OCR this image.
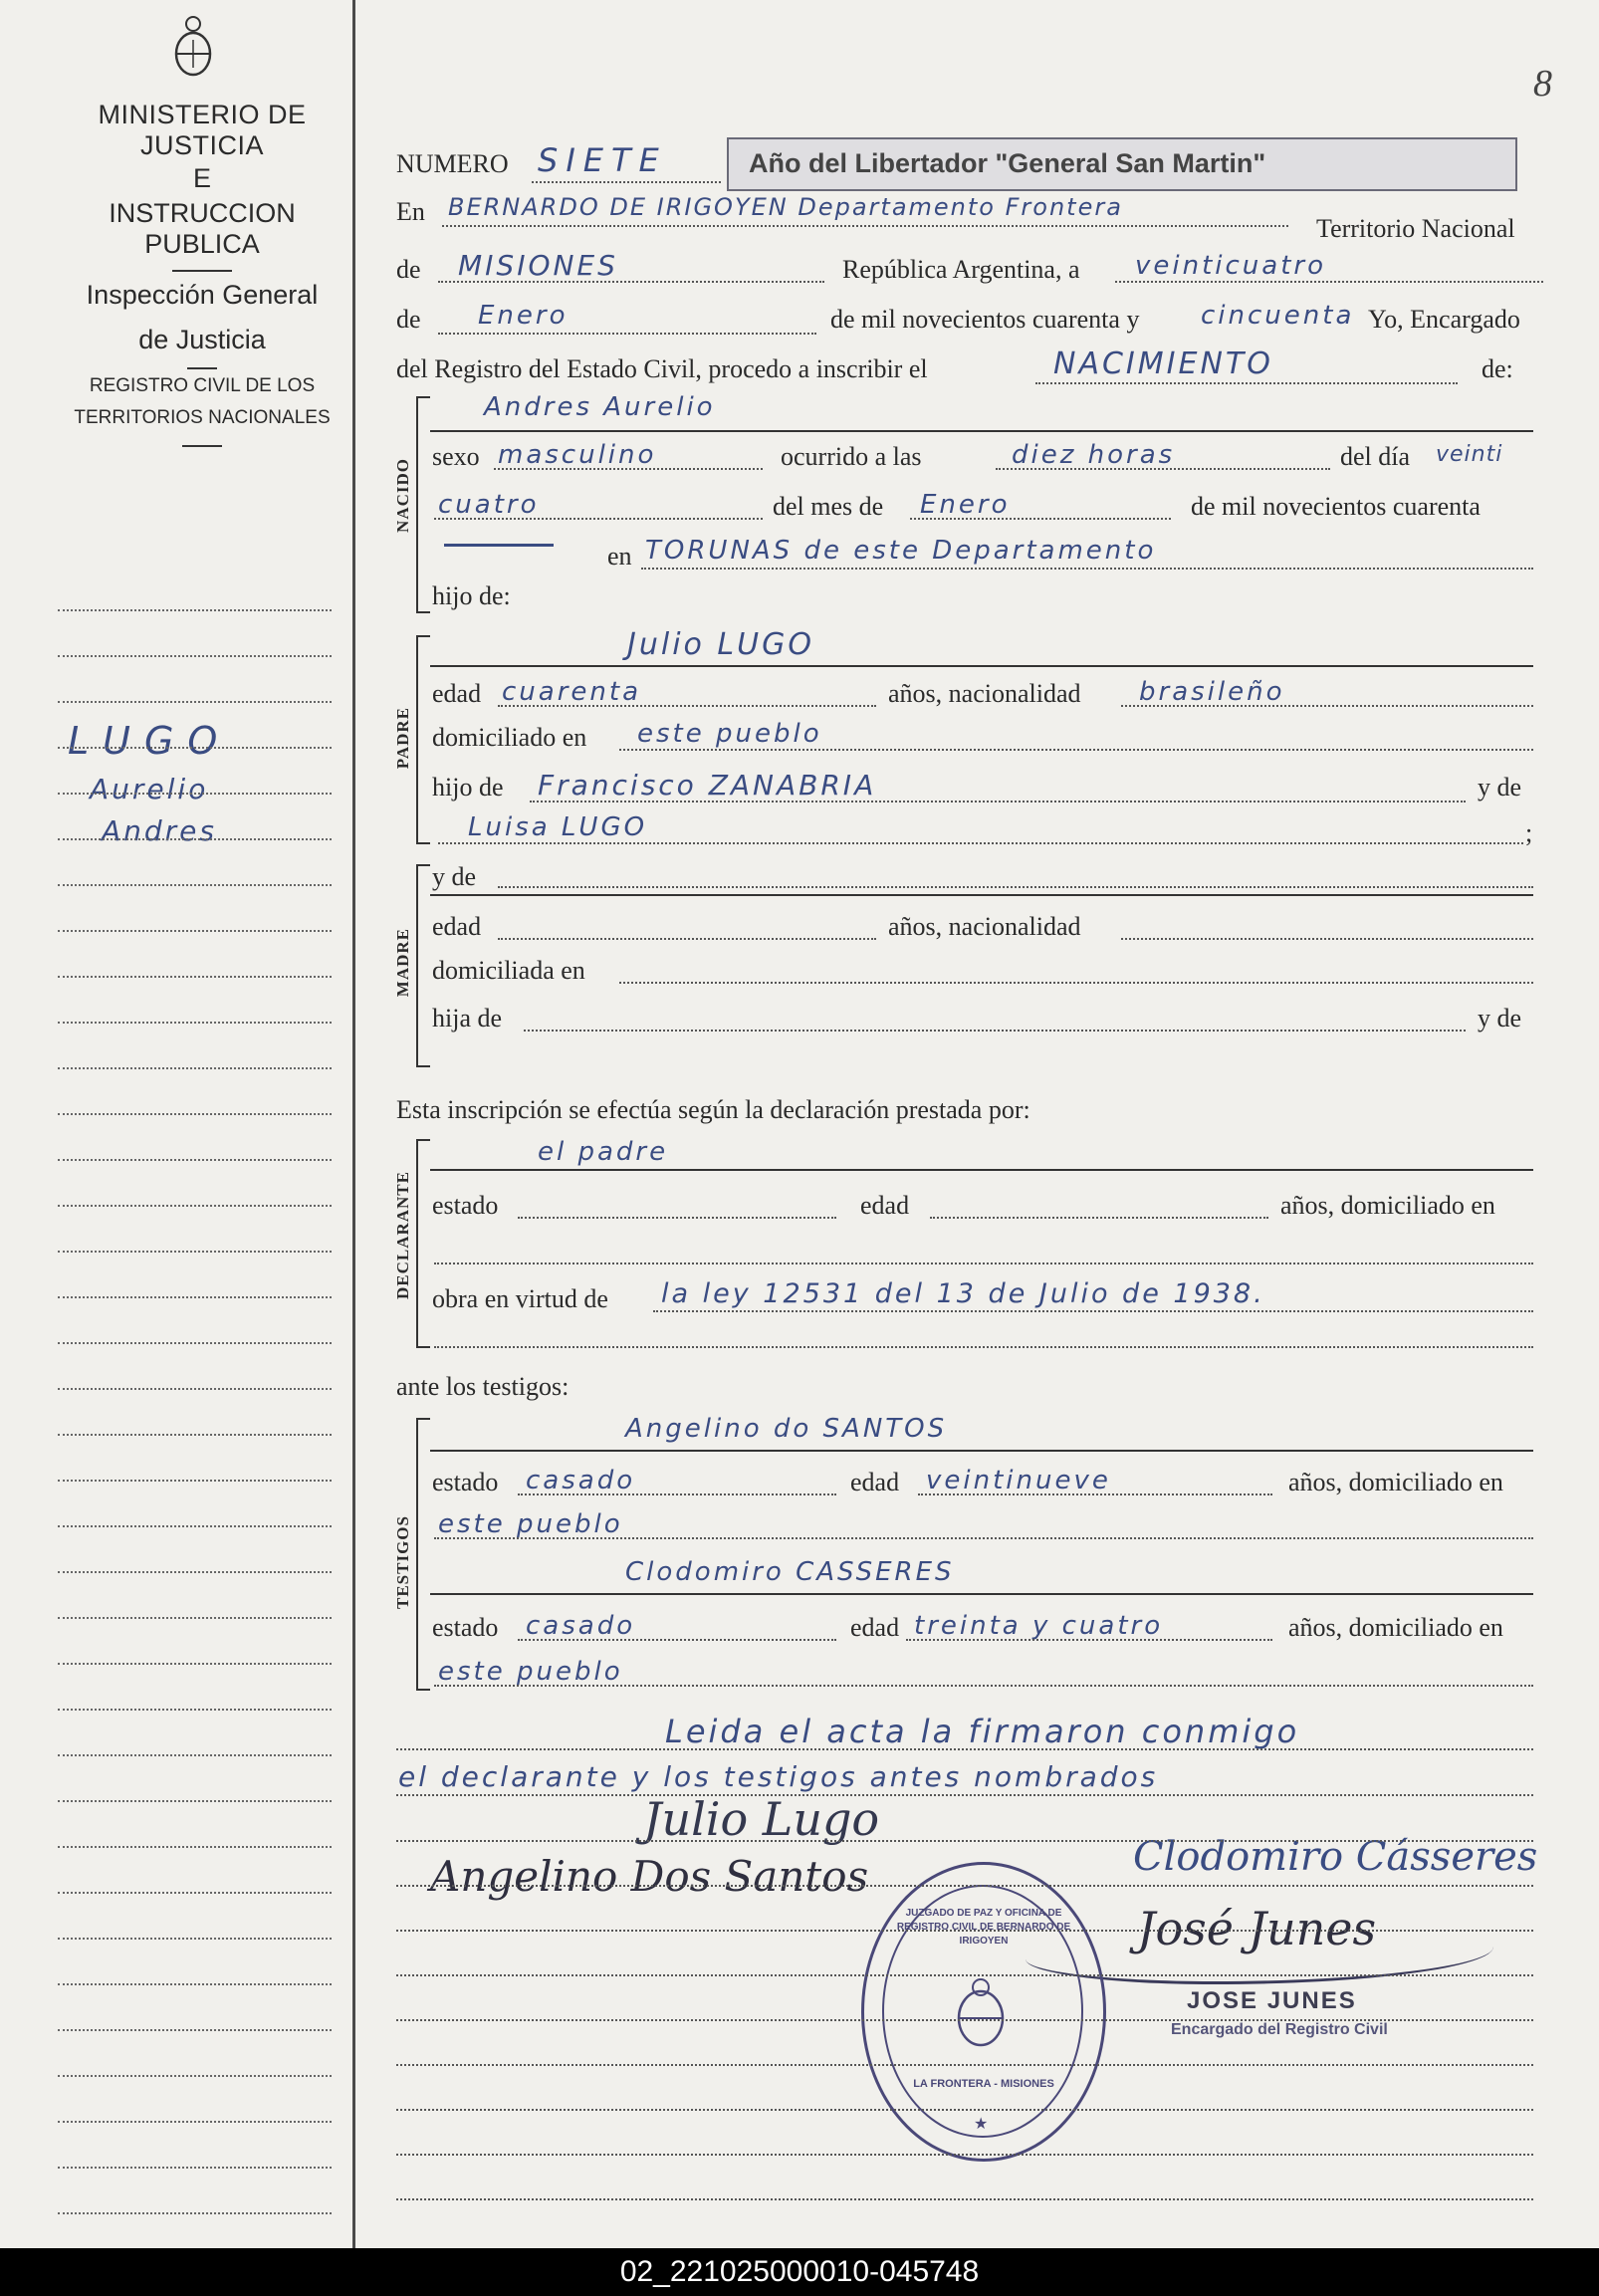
MINISTERIO DE JUSTICIA
E
INSTRUCCION PUBLICA
Inspección General
de Justicia
REGISTRO CIVIL DE LOS
TERRITORIOS NACIONALES
LUGO
Aurelio
Andres
8
NUMERO SIETE	Año del Libertador "General San Martin"
En BERNARDO DE IRIGOYEN Departamento Frontera
Territorio Nacional
de MISIONES	República Argentina, a veinticuatro
de Enero	de mil novecientos cuarenta y cincuenta Yo, Encargado
del Registro del Estado Civil, procedo a inscribir el	NACIMIENTO	de:
NACIDO
Andres Aurelio
sexo masculino	ocurrido a las	diez horas	del día veinti
cuatro	del mes de Enero	de mil novecientos cuarenta
en TORUNAS de este Departamento
hijo de:
PADRE
Julio LUGO
edad cuarenta	años, nacionalidad brasileño
domiciliado en este pueblo
hijo de Francisco ZANABRIA	y de
Luisa LUGO	;
MADRE
y de
edad	años, nacionalidad
domiciliada en
hija de	y de
Esta inscripción se efectúa según la declaración prestada por:
DECLARANTE
el padre
estado	edad	años, domiciliado en
obra en virtud de la ley 12531 del 13 de Julio de 1938.
ante los testigos:
TESTIGOS
Angelino do SANTOS
estado casado	edad veintinueve	años, domiciliado en
este pueblo
Clodomiro CASSERES
estado casado	edad treinta y cuatro	años, domiciliado en
este pueblo
Leida el acta la firmaron conmigo
el declarante y los testigos antes nombrados
Julio Lugo
Angelino Dos Santos	Clodomiro Cásseres
José Junes
JOSE JUNES
Encargado del Registro Civil
JUZGADO DE PAZ Y OFICINA DE REGISTRO CIVIL DE BERNARDO DE IRIGOYEN
LA FRONTERA - MISIONES
★
02_221025000010-045748
